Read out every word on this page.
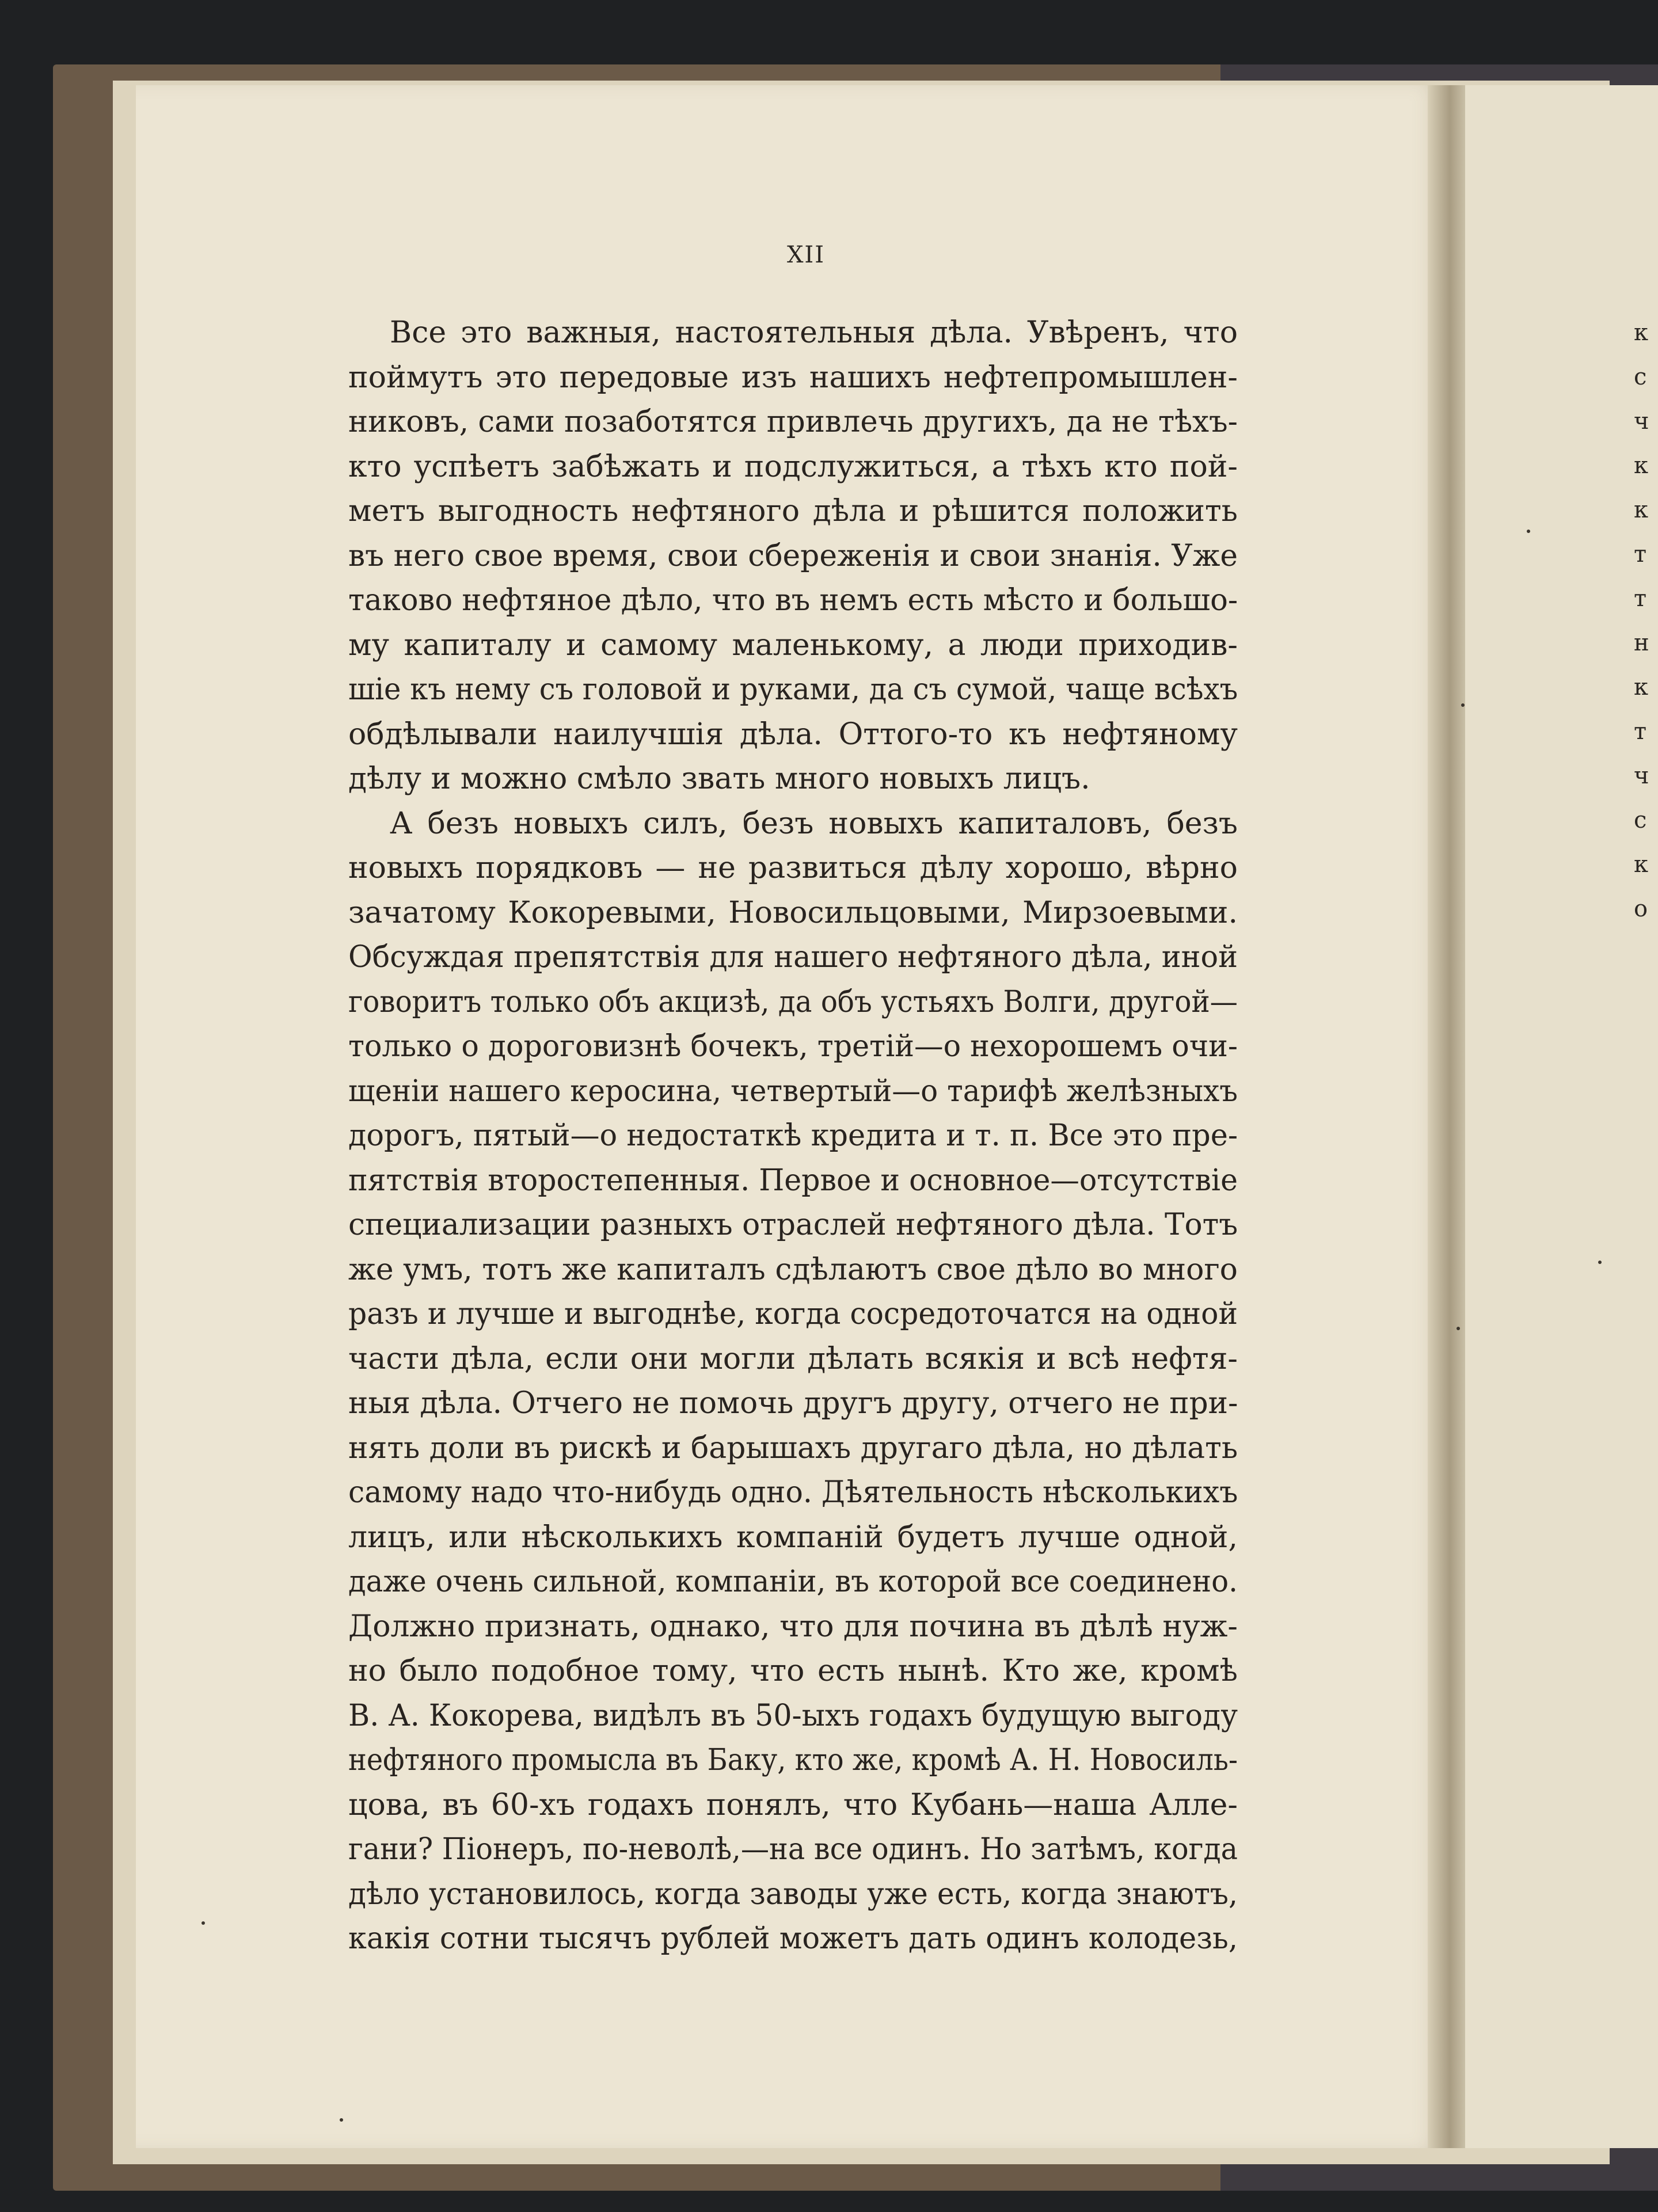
к
с
ч
к
к
т
т
н
к
т
ч
с
к
о
XII
Все это важныя, настоятельныя дѣла. Увѣренъ, что
поймутъ это передовые изъ нашихъ нефтепромышлен-
никовъ, сами позаботятся привлечь другихъ, да не тѣхъ-
кто успѣетъ забѣжать и подслужиться, а тѣхъ кто пой-
метъ выгодность нефтяного дѣла и рѣшится положить
въ него свое время, свои сбереженія и свои знанія. Уже
таково нефтяное дѣло, что въ немъ есть мѣсто и большо-
му капиталу и самому маленькому, а люди приходив-
шіе къ нему съ головой и руками, да съ сумой, чаще всѣхъ
обдѣлывали наилучшія дѣла. Оттого-то къ нефтяному
дѣлу и можно смѣло звать много новыхъ лицъ.
А безъ новыхъ силъ, безъ новыхъ капиталовъ, безъ
новыхъ порядковъ — не развиться дѣлу хорошо, вѣрно
зачатому Кокоревыми, Новосильцовыми, Мирзоевыми.
Обсуждая препятствія для нашего нефтяного дѣла, иной
говоритъ только объ акцизѣ, да объ устьяхъ Волги, другой—
только о дороговизнѣ бочекъ, третій—о нехорошемъ очи-
щеніи нашего керосина, четвертый—о тарифѣ желѣзныхъ
дорогъ, пятый—о недостаткѣ кредита и т. п. Все это пре-
пятствія второстепенныя. Первое и основное—отсутствіе
специализации разныхъ отраслей нефтяного дѣла. Тотъ
же умъ, тотъ же капиталъ сдѣлаютъ свое дѣло во много
разъ и лучше и выгоднѣе, когда сосредоточатся на одной
части дѣла, если они могли дѣлать всякія и всѣ нефтя-
ныя дѣла. Отчего не помочь другъ другу, отчего не при-
нять доли въ рискѣ и барышахъ другаго дѣла, но дѣлать
самому надо что-нибудь одно. Дѣятельность нѣсколькихъ
лицъ, или нѣсколькихъ компаній будетъ лучше одной,
даже очень сильной, компаніи, въ которой все соединено.
Должно признать, однако, что для почина въ дѣлѣ нуж-
но было подобное тому, что есть нынѣ. Кто же, кромѣ
В. А. Кокорева, видѣлъ въ 50-ыхъ годахъ будущую выгоду
нефтяного промысла въ Баку, кто же, кромѣ А. Н. Новосиль-
цова, въ 60-хъ годахъ понялъ, что Кубань—наша Алле-
гани? Піонеръ, по-неволѣ,—на все одинъ. Но затѣмъ, когда
дѣло установилось, когда заводы уже есть, когда знаютъ,
какія сотни тысячъ рублей можетъ дать одинъ колодезь,
